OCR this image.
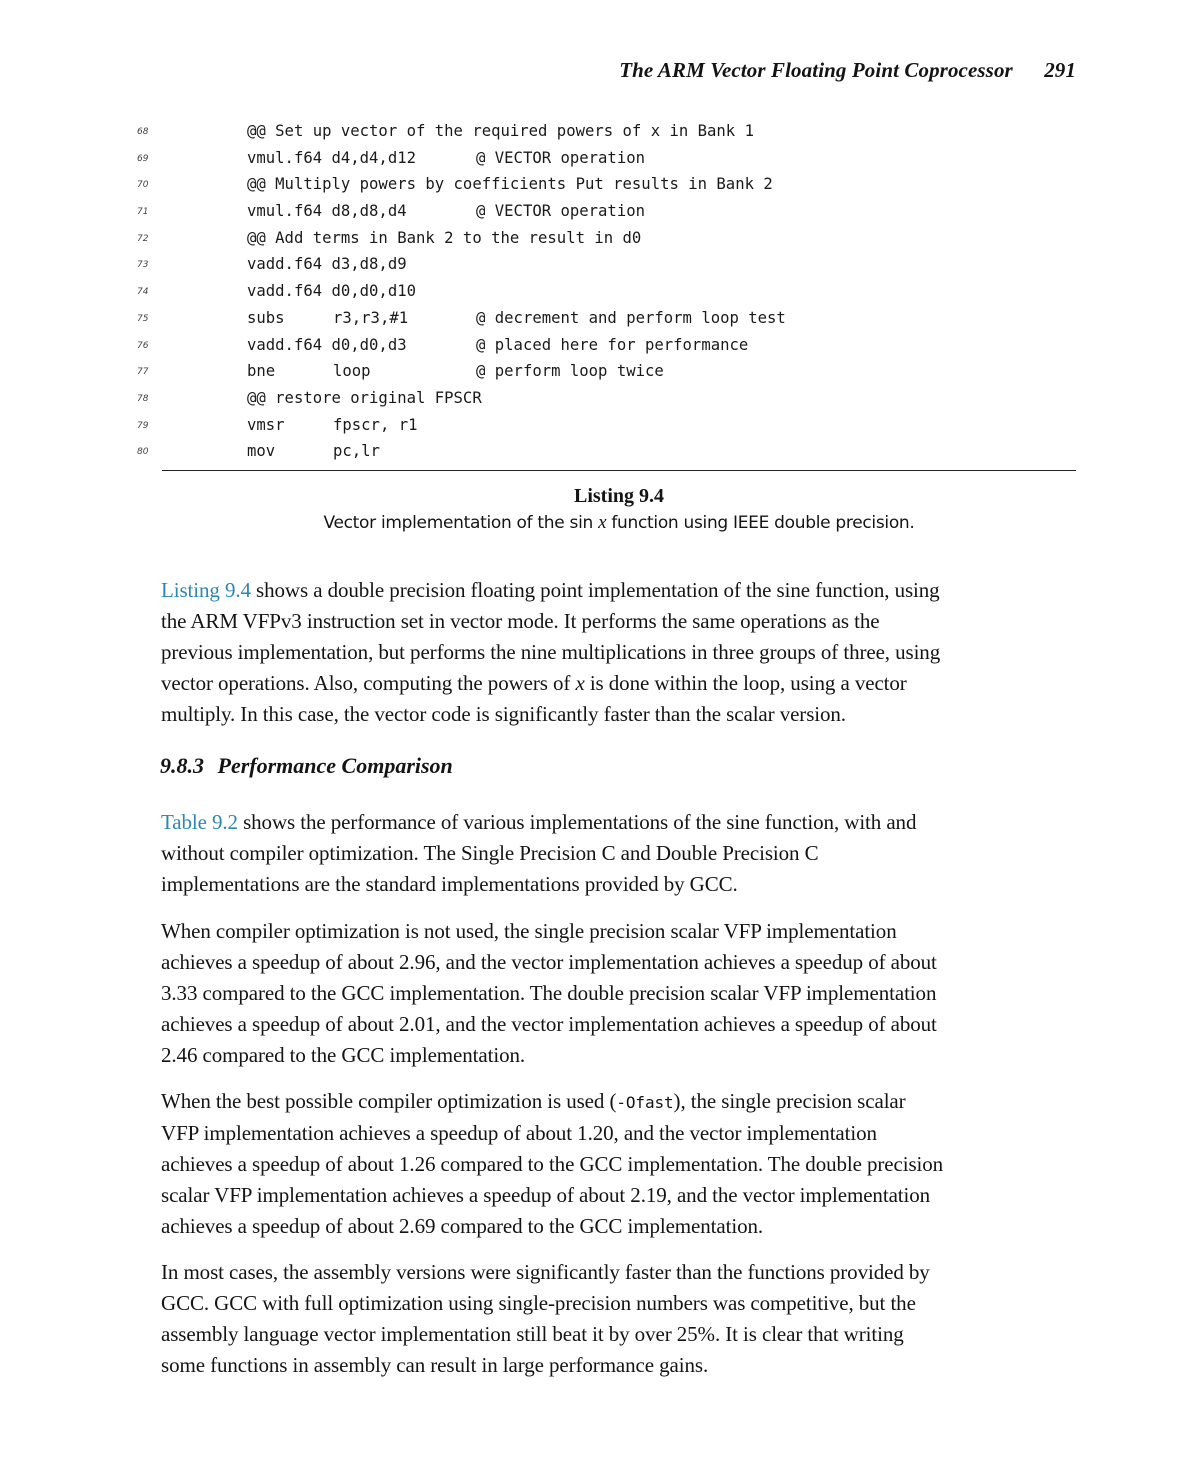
The ARM Vector Floating Point Coprocessor 291
68	@@ Set up vector of the required powers of x in Bank 1
69	vmul.f64 d4,d4,d12	@ VECTOR operation
70	@@ Multiply powers by coefficients Put results in Bank 2
71	vmul.f64 d8,d8,d4	@ VECTOR operation
72	@@ Add terms in Bank 2 to the result in d0
73	vadd.f64 d3,d8,d9
74	vadd.f64 d0,d0,d10
75	subs	r3,r3,#1	@ decrement and perform loop test
76	vadd.f64 d0,d0,d3	@ placed here for performance
77	bne	loop	@ perform loop twice
78	@@ restore original FPSCR
79	vmsr	fpscr, r1
80	mov	pc,lr
Listing 9.4
Vector implementation of the sin x function using IEEE double precision.

Listing 9.4 shows a double precision floating point implementation of the sine function, using
the ARM VFPv3 instruction set in vector mode. It performs the same operations as the
previous implementation, but performs the nine multiplications in three groups of three, using
vector operations. Also, computing the powers of x is done within the loop, using a vector
multiply. In this case, the vector code is significantly faster than the scalar version.

9.8.3 Performance Comparison

Table 9.2 shows the performance of various implementations of the sine function, with and
without compiler optimization. The Single Precision C and Double Precision C
implementations are the standard implementations provided by GCC.

When compiler optimization is not used, the single precision scalar VFP implementation
achieves a speedup of about 2.96, and the vector implementation achieves a speedup of about
3.33 compared to the GCC implementation. The double precision scalar VFP implementation
achieves a speedup of about 2.01, and the vector implementation achieves a speedup of about
2.46 compared to the GCC implementation.

When the best possible compiler optimization is used (-Ofast), the single precision scalar
VFP implementation achieves a speedup of about 1.20, and the vector implementation
achieves a speedup of about 1.26 compared to the GCC implementation. The double precision
scalar VFP implementation achieves a speedup of about 2.19, and the vector implementation
achieves a speedup of about 2.69 compared to the GCC implementation.

In most cases, the assembly versions were significantly faster than the functions provided by
GCC. GCC with full optimization using single-precision numbers was competitive, but the
assembly language vector implementation still beat it by over 25%. It is clear that writing
some functions in assembly can result in large performance gains.
